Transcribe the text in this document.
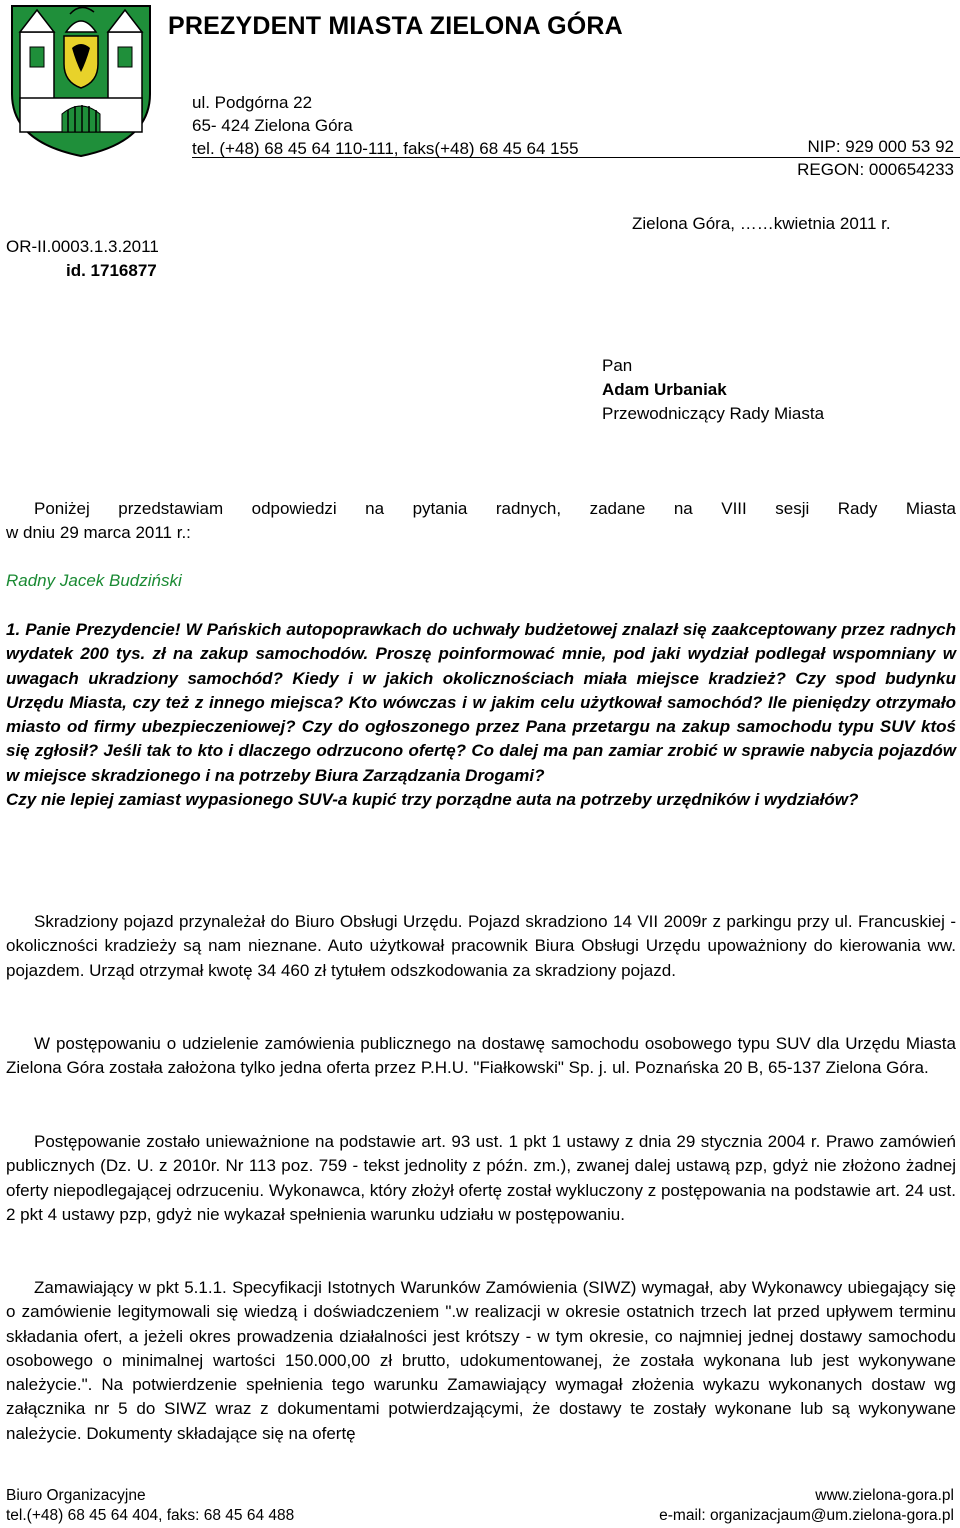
PREZYDENT MIASTA ZIELONA GÓRA
ul. Podgórna 22
65- 424 Zielona Góra
tel. (+48) 68 45 64 110-111, faks(+48) 68 45 64 155	NIP: 929 000 53 92
REGON: 000654233
OR-II.0003.1.3.2011
id. 1716877
Zielona Góra, ……kwietnia 2011 r.
Pan
Adam Urbaniak
Przewodniczący Rady Miasta
Poniżej przedstawiam odpowiedzi na pytania radnych, zadane na VIII sesji Rady Miasta
w dniu 29 marca 2011 r.:
Radny Jacek Budziński
1. Panie Prezydencie! W Pańskich autopoprawkach do uchwały budżetowej znalazł się zaakceptowany przez radnych wydatek 200 tys. zł na zakup samochodów. Proszę poinformować mnie, pod jaki wydział podlegał wspomniany w uwagach ukradziony samochód? Kiedy i w jakich okolicznościach miała miejsce kradzież? Czy spod budynku Urzędu Miasta, czy też z innego miejsca? Kto wówczas i w jakim celu użytkował samochód? Ile pieniędzy otrzymało miasto od firmy ubezpieczeniowej? Czy do ogłoszonego przez Pana przetargu na zakup samochodu typu SUV ktoś się zgłosił? Jeśli tak to kto i dlaczego odrzucono ofertę? Co dalej ma pan zamiar zrobić w sprawie nabycia pojazdów w miejsce skradzionego i na potrzeby Biura Zarządzania Drogami?
Czy nie lepiej zamiast wypasionego SUV-a kupić trzy porządne auta na potrzeby urzędników i wydziałów?
Skradziony pojazd przynależał do Biuro Obsługi Urzędu. Pojazd skradziono 14 VII 2009r z parkingu przy ul. Francuskiej - okoliczności kradzieży są nam nieznane. Auto użytkował pracownik Biura Obsługi Urzędu upoważniony do kierowania ww. pojazdem. Urząd otrzymał kwotę 34 460 zł tytułem odszkodowania za skradziony pojazd.
W postępowaniu o udzielenie zamówienia publicznego na dostawę samochodu osobowego typu SUV dla Urzędu Miasta Zielona Góra została założona tylko jedna oferta przez P.H.U. "Fiałkowski" Sp. j. ul. Poznańska 20 B, 65-137 Zielona Góra.
Postępowanie zostało unieważnione na podstawie art. 93 ust. 1 pkt 1 ustawy z dnia 29 stycznia 2004 r. Prawo zamówień publicznych (Dz. U. z 2010r. Nr 113 poz. 759 - tekst jednolity z późn. zm.), zwanej dalej ustawą pzp, gdyż nie złożono żadnej oferty niepodlegającej odrzuceniu. Wykonawca, który złożył ofertę został wykluczony z postępowania na podstawie art. 24 ust. 2 pkt 4 ustawy pzp, gdyż nie wykazał spełnienia warunku udziału w postępowaniu.
Zamawiający w pkt 5.1.1. Specyfikacji Istotnych Warunków Zamówienia (SIWZ) wymagał, aby Wykonawcy ubiegający się o zamówienie legitymowali się wiedzą i doświadczeniem ".w realizacji w okresie ostatnich trzech lat przed upływem terminu składania ofert, a jeżeli okres prowadzenia działalności jest krótszy - w tym okresie, co najmniej jednej dostawy samochodu osobowego o minimalnej wartości 150.000,00 zł brutto, udokumentowanej, że została wykonana lub jest wykonywane należycie.". Na potwierdzenie spełnienia tego warunku Zamawiający wymagał złożenia wykazu wykonanych dostaw wg załącznika nr 5 do SIWZ wraz z dokumentami potwierdzającymi, że dostawy te zostały wykonane lub są wykonywane należycie. Dokumenty składające się na ofertę
Biuro Organizacyjne
tel.(+48) 68 45 64 404, faks: 68 45 64 488
www.zielona-gora.pl
e-mail: organizacjaum@um.zielona-gora.pl
